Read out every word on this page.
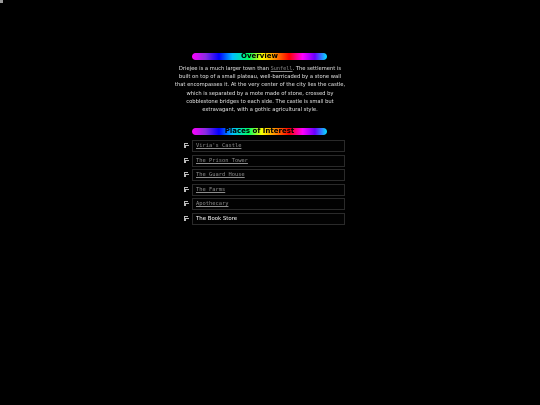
Overview
Driejee is a much larger town than Sunfell. The settlement is built on top of a small plateau, well-barricaded by a stone wall that encompasses it. At the very center of the city lies the castle, which is separated by a mote made of stone, crossed by cobblestone bridges to each side. The castle is small but extravagant, with a gothic agricultural style.
Places of Interest
Viria's Castle
The Prison Tower
The Guard House
The Farms
Apothecary
The Book Store
